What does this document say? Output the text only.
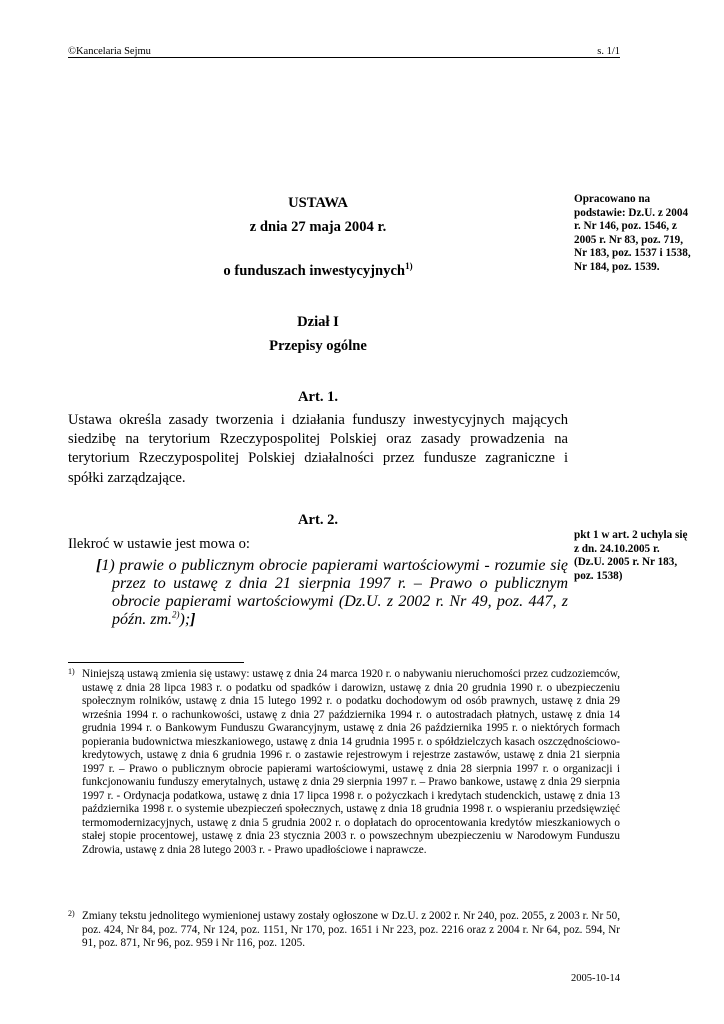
©Kancelaria Sejmu	s. 1/1
USTAWA
z dnia 27 maja 2004 r.
o funduszach inwestycyjnych$^{1)}$
Dział I
Przepisy ogólne
Art. 1.
Ustawa określa zasady tworzenia i działania funduszy inwestycyjnych mających siedzibę na terytorium Rzeczypospolitej Polskiej oraz zasady prowadzenia na terytorium Rzeczypospolitej Polskiej działalności przez fundusze zagraniczne i spółki zarządzające.
Art. 2.
Ilekroć w ustawie jest mowa o:
[1) prawie o publicznym obrocie papierami wartościowymi - rozumie się przez to ustawę z dnia 21 sierpnia 1997 r. – Prawo o publicznym obrocie papierami wartościowymi (Dz.U. z 2002 r. Nr 49, poz. 447, z późn. zm.$^{2)}$);]
Opracowano na podstawie: Dz.U. z 2004 r. Nr 146, poz. 1546, z 2005 r. Nr 83, poz. 719, Nr 183, poz. 1537 i 1538, Nr 184, poz. 1539.
pkt 1 w art. 2 uchyla się z dn. 24.10.2005 r. (Dz.U. 2005 r. Nr 183, poz. 1538)
1) Niniejszą ustawą zmienia się ustawy: ustawę z dnia 24 marca 1920 r. o nabywaniu nieruchomości przez cudzoziemców, ustawę z dnia 28 lipca 1983 r. o podatku od spadków i darowizn, ustawę z dnia 20 grudnia 1990 r. o ubezpieczeniu społecznym rolników, ustawę z dnia 15 lutego 1992 r. o podatku dochodowym od osób prawnych, ustawę z dnia 29 września 1994 r. o rachunkowości, ustawę z dnia 27 października 1994 r. o autostradach płatnych, ustawę z dnia 14 grudnia 1994 r. o Bankowym Funduszu Gwarancyjnym, ustawę z dnia 26 października 1995 r. o niektórych formach popierania budownictwa mieszkaniowego, ustawę z dnia 14 grudnia 1995 r. o spółdzielczych kasach oszczędnościowo-kredytowych, ustawę z dnia 6 grudnia 1996 r. o zastawie rejestrowym i rejestrze zastawów, ustawę z dnia 21 sierpnia 1997 r. – Prawo o publicznym obrocie papierami wartościowymi, ustawę z dnia 28 sierpnia 1997 r. o organizacji i funkcjonowaniu funduszy emerytalnych, ustawę z dnia 29 sierpnia 1997 r. – Prawo bankowe, ustawę z dnia 29 sierpnia 1997 r. - Ordynacja podatkowa, ustawę z dnia 17 lipca 1998 r. o pożyczkach i kredytach studenckich, ustawę z dnia 13 października 1998 r. o systemie ubezpieczeń społecznych, ustawę z dnia 18 grudnia 1998 r. o wspieraniu przedsięwzięć termomodernizacyjnych, ustawę z dnia 5 grudnia 2002 r. o dopłatach do oprocentowania kredytów mieszkaniowych o stałej stopie procentowej, ustawę z dnia 23 stycznia 2003 r. o powszechnym ubezpieczeniu w Narodowym Funduszu Zdrowia, ustawę z dnia 28 lutego 2003 r. - Prawo upadłościowe i naprawcze.
2) Zmiany tekstu jednolitego wymienionej ustawy zostały ogłoszone w Dz.U. z 2002 r. Nr 240, poz. 2055, z 2003 r. Nr 50, poz. 424, Nr 84, poz. 774, Nr 124, poz. 1151, Nr 170, poz. 1651 i Nr 223, poz. 2216 oraz z 2004 r. Nr 64, poz. 594, Nr 91, poz. 871, Nr 96, poz. 959 i Nr 116, poz. 1205.
2005-10-14
